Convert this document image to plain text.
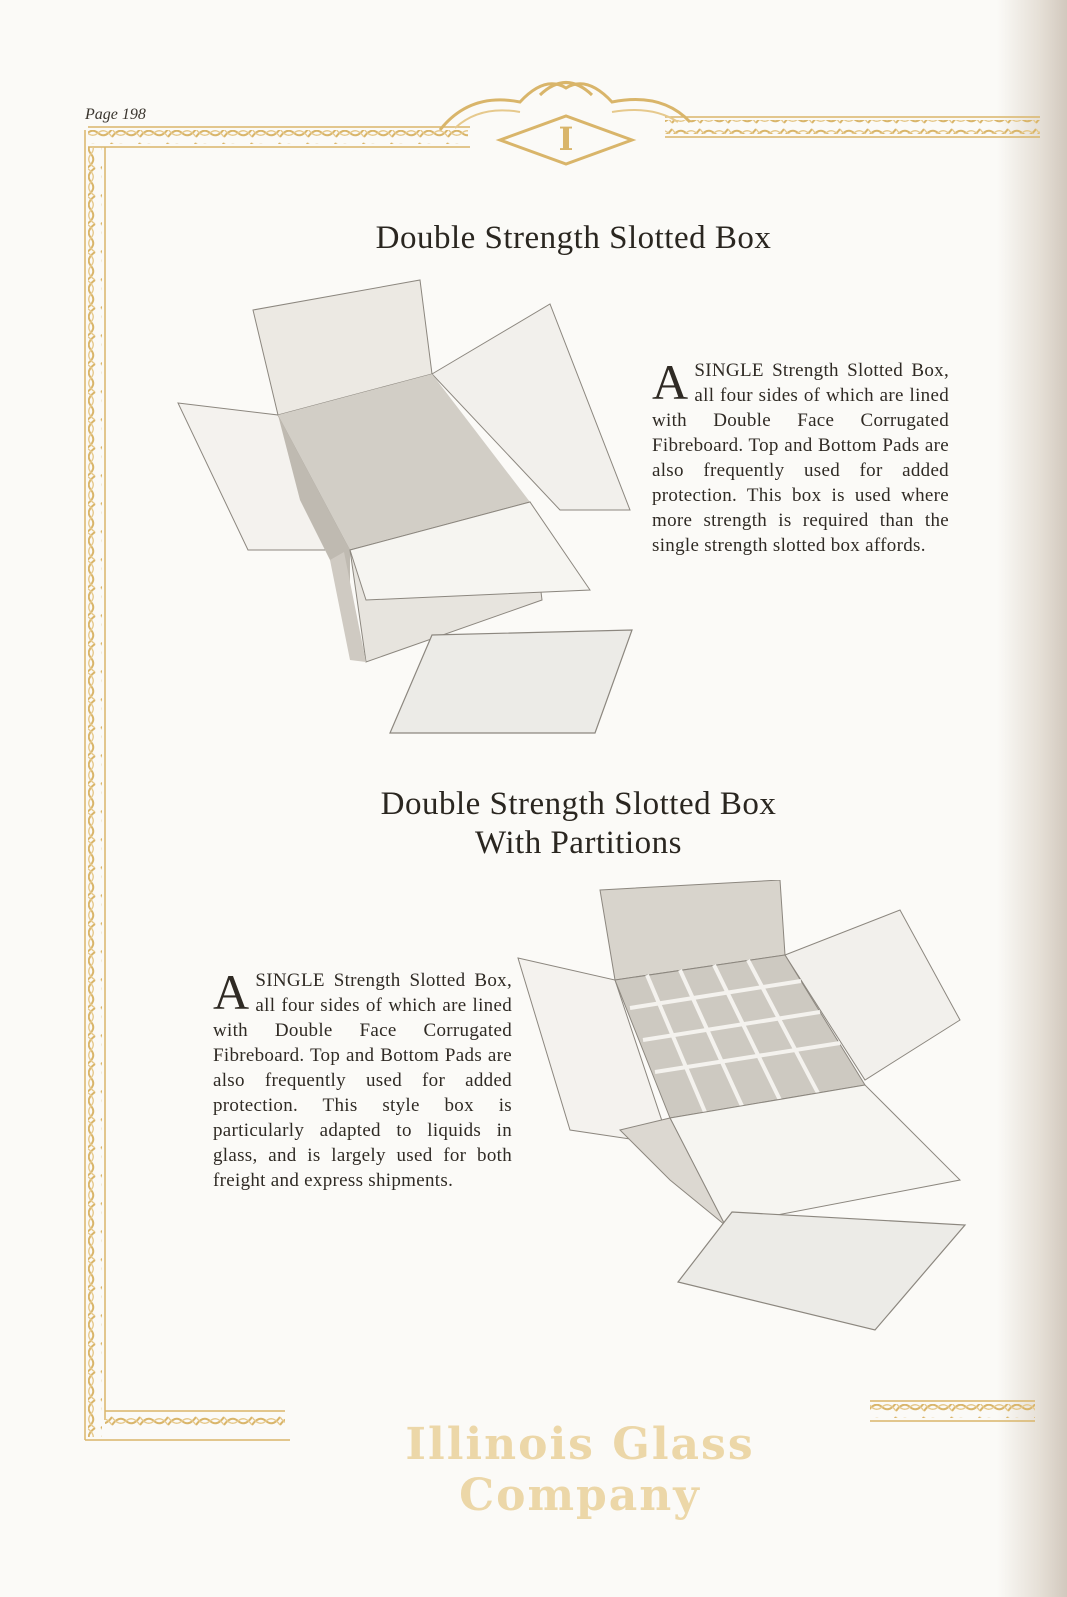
Page 198
I
Double Strength Slotted Box

A SINGLE Strength Slotted Box, all four sides of which are lined with Double Face Corrugated Fibreboard. Top and Bottom Pads are also frequently used for added protection. This box is used where more strength is required than the single strength slotted box affords.

Double Strength Slotted Box
With Partitions

A SINGLE Strength Slotted Box, all four sides of which are lined with Double Face Corrugated Fibreboard. Top and Bottom Pads are also frequently used for added protection. This style box is particularly adapted to liquids in glass, and is largely used for both freight and express shipments.

Illinois Glass Company
